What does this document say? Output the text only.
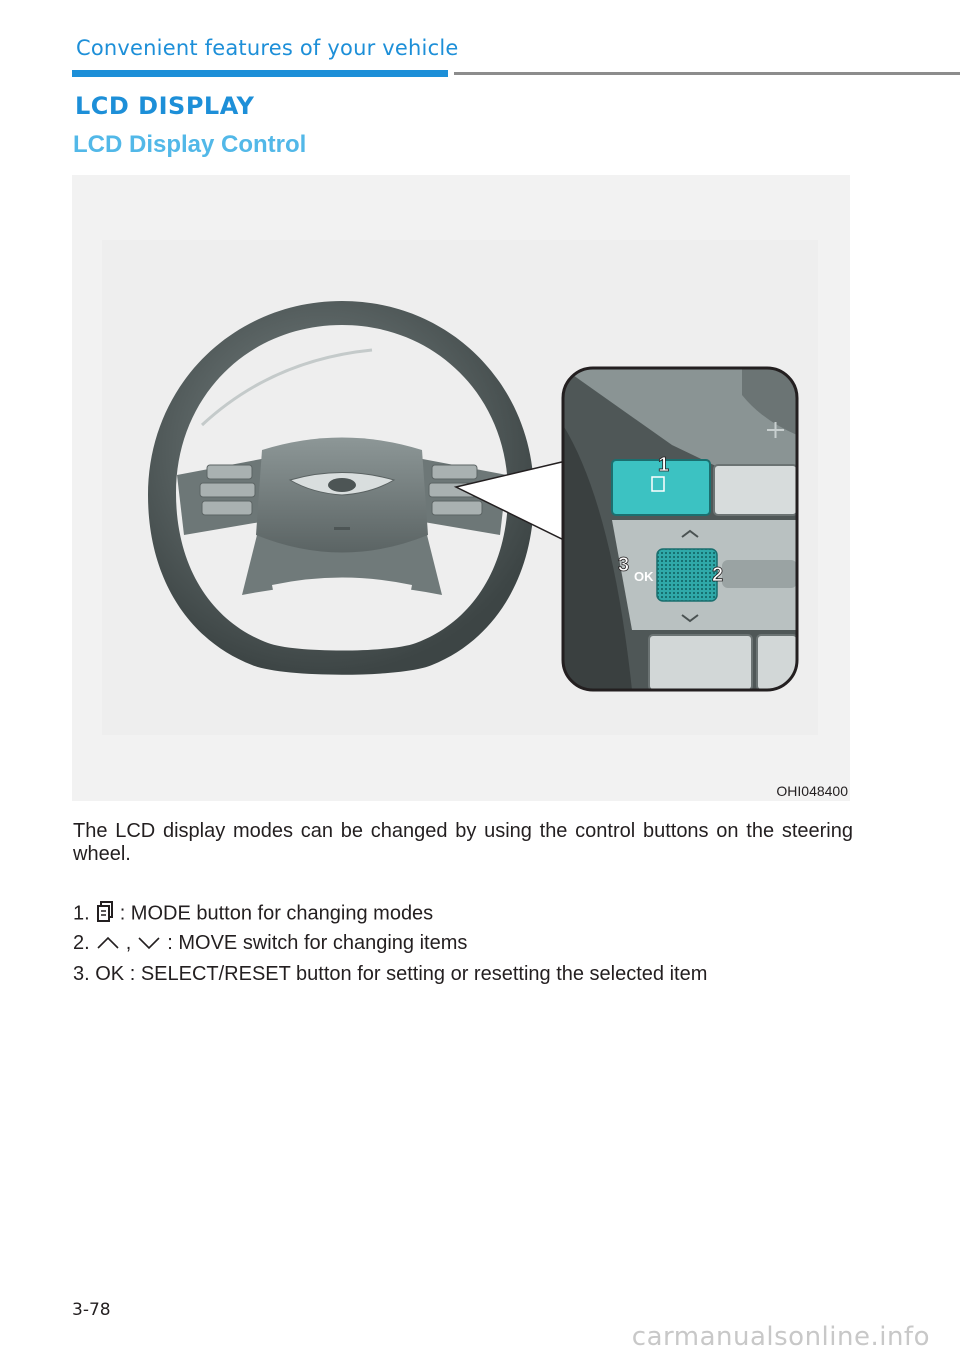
Convenient features of your vehicle
LCD DISPLAY
LCD Display Control
1
2
3
OK
OHI048400
The LCD display modes can be changed by using the control buttons on the steering wheel.
1. : MODE button for changing modes
2. , : MOVE switch for changing items
3. OK : SELECT/RESET button for setting or resetting the selected item
3-78
carmanualsonline.info
